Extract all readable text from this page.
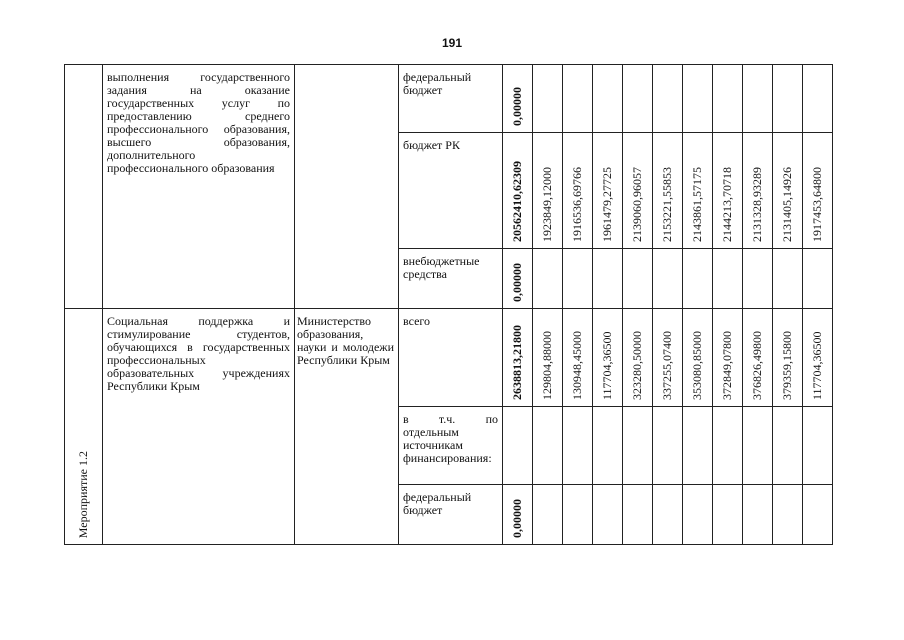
191

	выполнения государственного задания на оказание государственных услуг по предоставлению среднего профессионального образования, высшего образования, дополнительного профессионального образования		федеральный бюджет	0,00000										

			бюджет РК	20562410,62309	1923849,12000	1916536,69766	1961479,27725	2139060,96057	2153221,55853	2143861,57175	2144213,70718	2131328,93289	2131405,14926	1917453,64800

			внебюджетные средства	0,00000										

Мероприятие 1.2	Социальная поддержка и стимулирование студентов, обучающихся в государственных профессиональных образовательных учреждениях Республики Крым	Министерство образования, науки и молодежи Республики Крым	всего	2638813,21800	129804,88000	130948,45000	117704,36500	323280,50000	337255,07400	353080,85000	372849,07800	376826,49800	379359,15800	117704,36500

			в т.ч. по отдельным источникам финансирования:											

			федеральный бюджет	0,00000										
